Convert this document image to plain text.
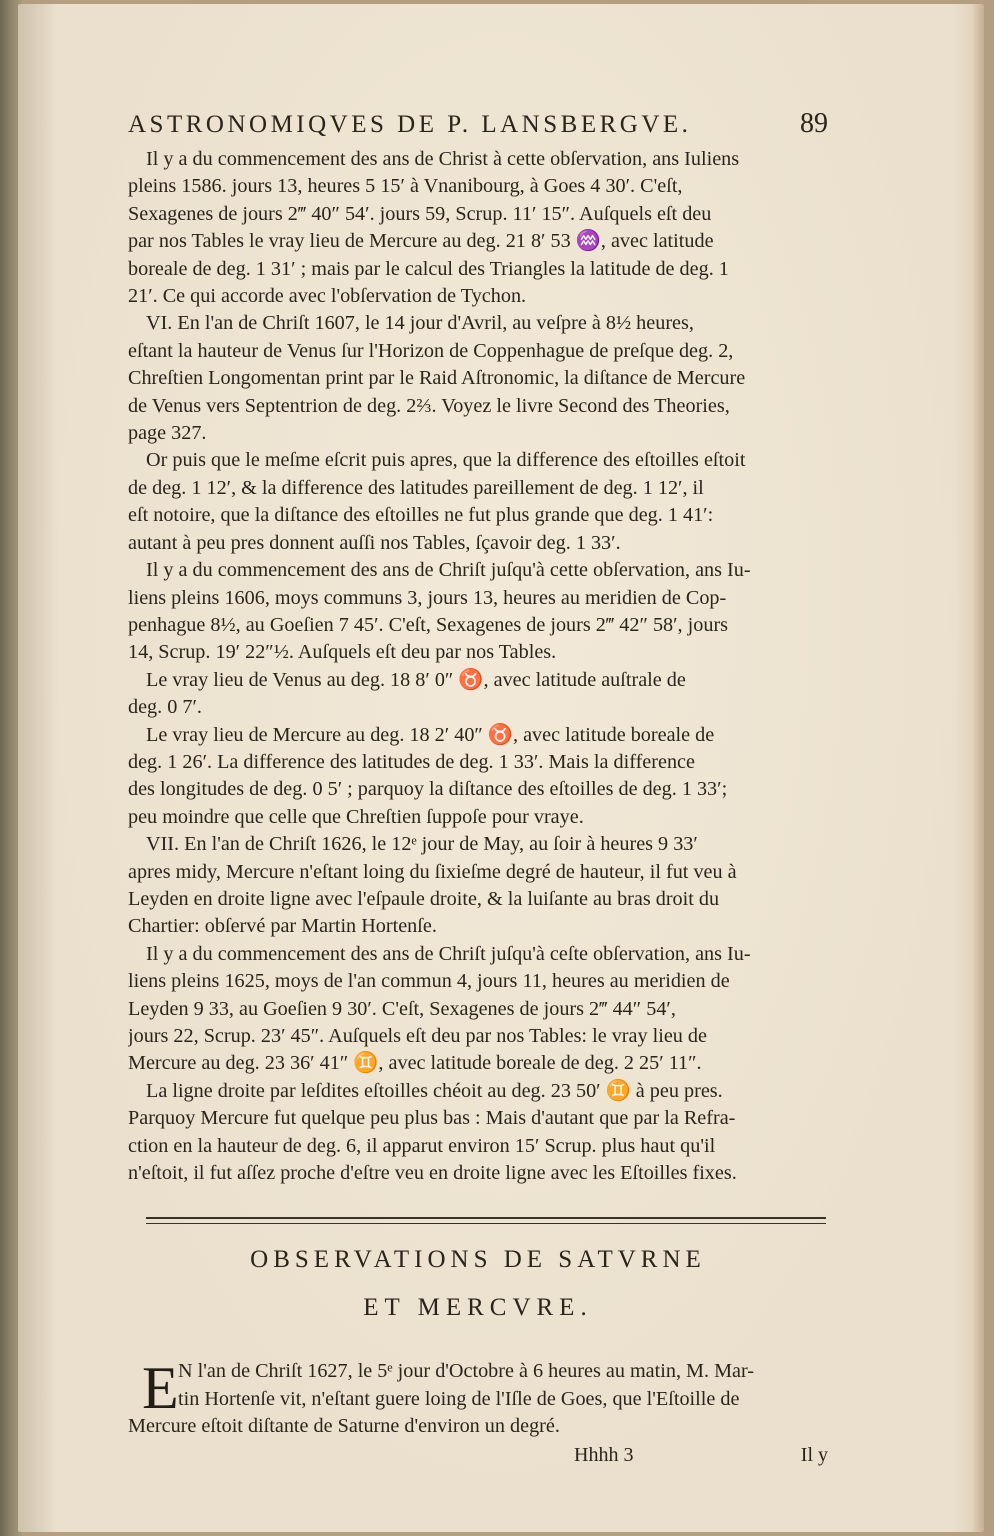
ASTRONOMIQVES DE P. LANSBERGVE.	89
Il y a du commencement des ans de Christ à cette obſervation, ans Iuliens
pleins 1586. jours 13, heures 5 15′ à Vnanibourg, à Goes 4 30′. C'eſt,
Sexagenes de jours 2‴ 40″ 54′. jours 59, Scrup. 11′ 15″. Auſquels eſt deu
par nos Tables le vray lieu de Mercure au deg. 21 8′ 53 ♒, avec latitude
boreale de deg. 1 31′ ; mais par le calcul des Triangles la latitude de deg. 1
21′. Ce qui accorde avec l'obſervation de Tychon.
VI. En l'an de Chriſt 1607, le 14 jour d'Avril, au veſpre à 8½ heures,
eſtant la hauteur de Venus ſur l'Horizon de Coppenhague de preſque deg. 2,
Chreſtien Longomentan print par le Raid Aſtronomic, la diſtance de Mercure
de Venus vers Septentrion de deg. 2⅔. Voyez le livre Second des Theories,
page 327.
Or puis que le meſme eſcrit puis apres, que la difference des eſtoilles eſtoit
de deg. 1 12′, & la difference des latitudes pareillement de deg. 1 12′, il
eſt notoire, que la diſtance des eſtoilles ne fut plus grande que deg. 1 41′:
autant à peu pres donnent auſſi nos Tables, ſçavoir deg. 1 33′.
Il y a du commencement des ans de Chriſt juſqu'à cette obſervation, ans Iu-
liens pleins 1606, moys communs 3, jours 13, heures au meridien de Cop-
penhague 8½, au Goeſien 7 45′. C'eſt, Sexagenes de jours 2‴ 42″ 58′, jours
14, Scrup. 19′ 22″½. Auſquels eſt deu par nos Tables.
Le vray lieu de Venus au deg. 18 8′ 0″ ♉, avec latitude auſtrale de
deg. 0 7′.
Le vray lieu de Mercure au deg. 18 2′ 40″ ♉, avec latitude boreale de
deg. 1 26′. La difference des latitudes de deg. 1 33′. Mais la difference
des longitudes de deg. 0 5′ ; parquoy la diſtance des eſtoilles de deg. 1 33′;
peu moindre que celle que Chreſtien ſuppoſe pour vraye.
VII. En l'an de Chriſt 1626, le 12ᵉ jour de May, au ſoir à heures 9 33′
apres midy, Mercure n'eſtant loing du ſixieſme degré de hauteur, il fut veu à
Leyden en droite ligne avec l'eſpaule droite, & la luiſante au bras droit du
Chartier: obſervé par Martin Hortenſe.
Il y a du commencement des ans de Chriſt juſqu'à ceſte obſervation, ans Iu-
liens pleins 1625, moys de l'an commun 4, jours 11, heures au meridien de
Leyden 9 33, au Goeſien 9 30′. C'eſt, Sexagenes de jours 2‴ 44″ 54′,
jours 22, Scrup. 23′ 45″. Auſquels eſt deu par nos Tables: le vray lieu de
Mercure au deg. 23 36′ 41″ ♊, avec latitude boreale de deg. 2 25′ 11″.
La ligne droite par leſdites eſtoilles chéoit au deg. 23 50′ ♊ à peu pres.
Parquoy Mercure fut quelque peu plus bas : Mais d'autant que par la Refra-
ction en la hauteur de deg. 6, il apparut environ 15′ Scrup. plus haut qu'il
n'eſtoit, il fut aſſez proche d'eſtre veu en droite ligne avec les Eſtoilles fixes.
OBSERVATIONS DE SATVRNE
ET MERCVRE.
E N l'an de Chriſt 1627, le 5ᵉ jour d'Octobre à 6 heures au matin, M. Mar-
tin Hortenſe vit, n'eſtant guere loing de l'Iſle de Goes, que l'Eſtoille de
Mercure eſtoit diſtante de Saturne d'environ un degré.
Hhhh 3	Il y
